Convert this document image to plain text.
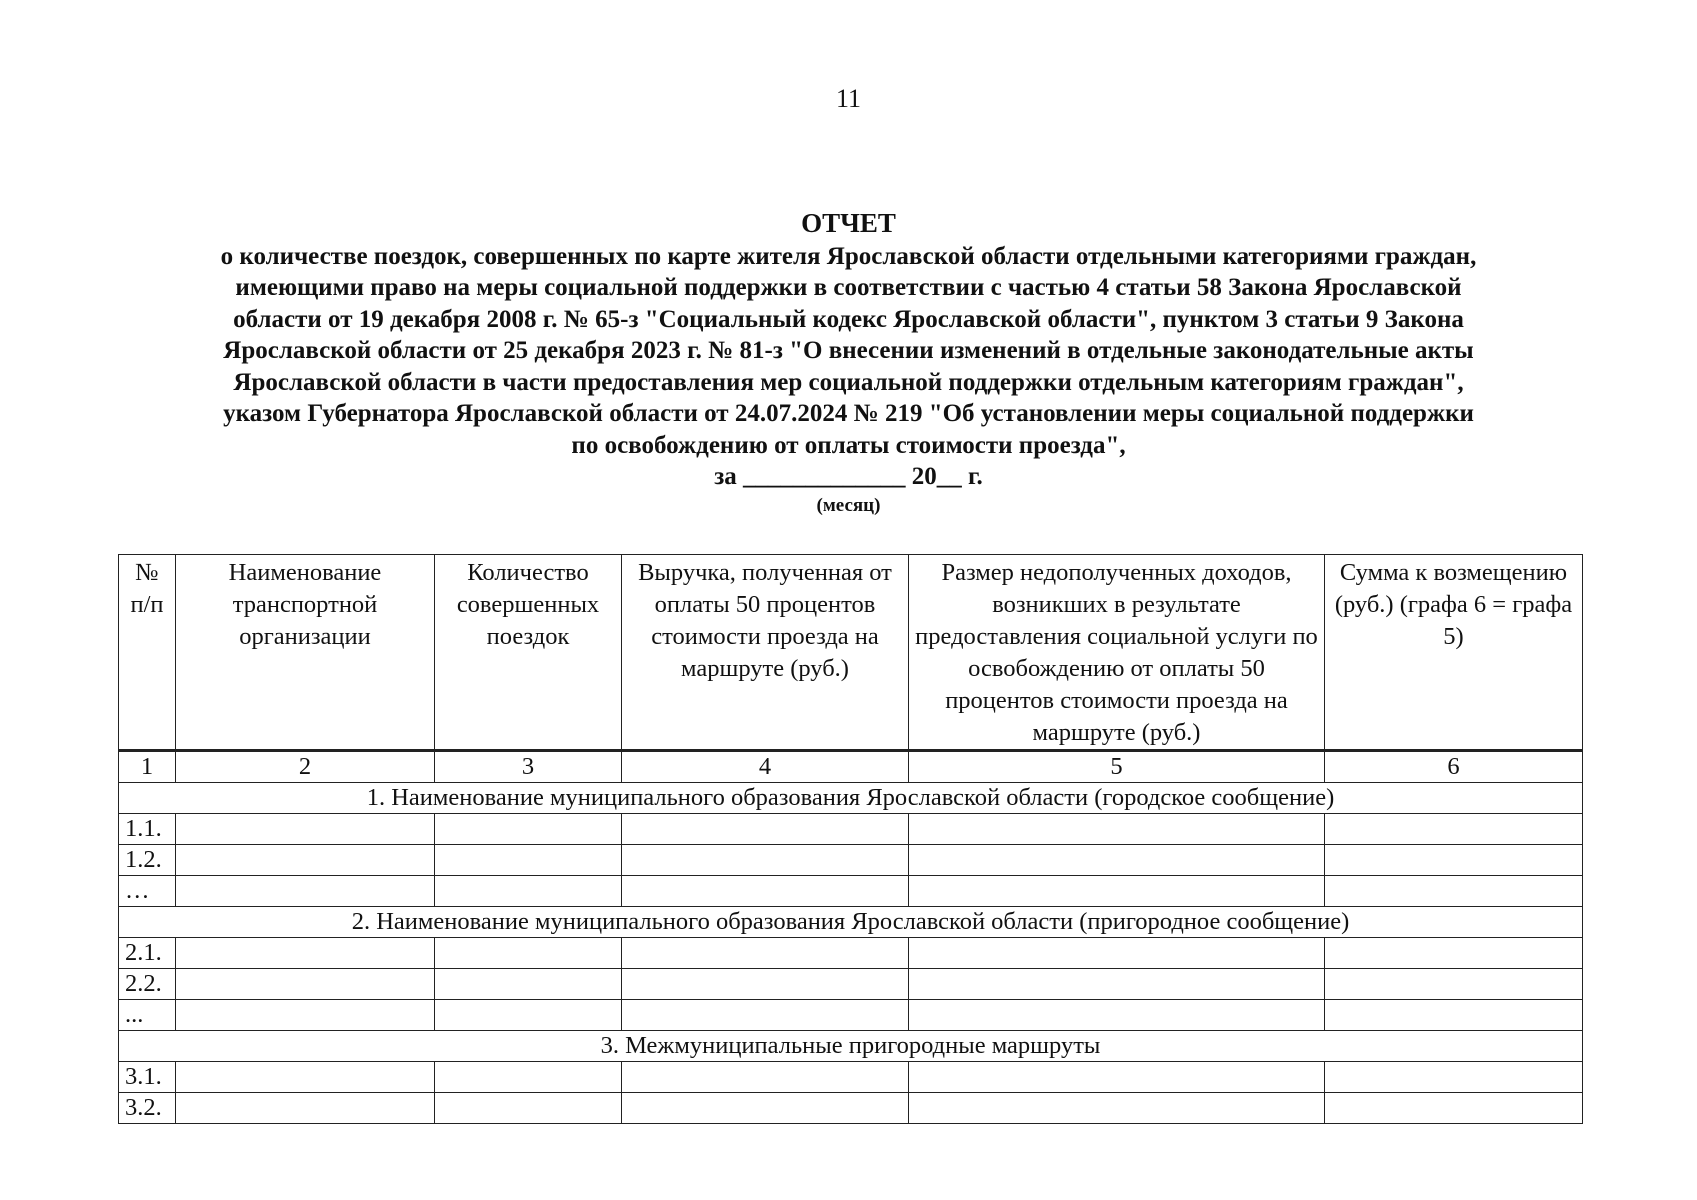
11
ОТЧЕТ
о количестве поездок, совершенных по карте жителя Ярославской области отдельными категориями граждан,
имеющими право на меры социальной поддержки в соответствии с частью 4 статьи 58 Закона Ярославской
области от 19 декабря 2008 г. № 65-з "Социальный кодекс Ярославской области", пунктом 3 статьи 9 Закона
Ярославской области от 25 декабря 2023 г. № 81-з "О внесении изменений в отдельные законодательные акты
Ярославской области в части предоставления мер социальной поддержки отдельным категориям граждан",
указом Губернатора Ярославской области от 24.07.2024 № 219 "Об установлении меры социальной поддержки
по освобождению от оплаты стоимости проезда",
за _____________ 20__ г.
(месяц)
№ п/п	Наименование транспортной организации	Количество совершенных поездок	Выручка, полученная от оплаты 50 процентов стоимости проезда на маршруте (руб.)	Размер недополученных доходов, возникших в результате предоставления социальной услуги по освобождению от оплаты 50 процентов стоимости проезда на маршруте (руб.)	Сумма к возмещению (руб.) (графа 6 = графа 5)
1	2	3	4	5	6
1. Наименование муниципального образования Ярославской области (городское сообщение)					
1.1.					
1.2.					
…					
2. Наименование муниципального образования Ярославской области (пригородное сообщение)					
2.1.					
2.2.					
...					
3. Межмуниципальные пригородные маршруты					
3.1.					
3.2.					
